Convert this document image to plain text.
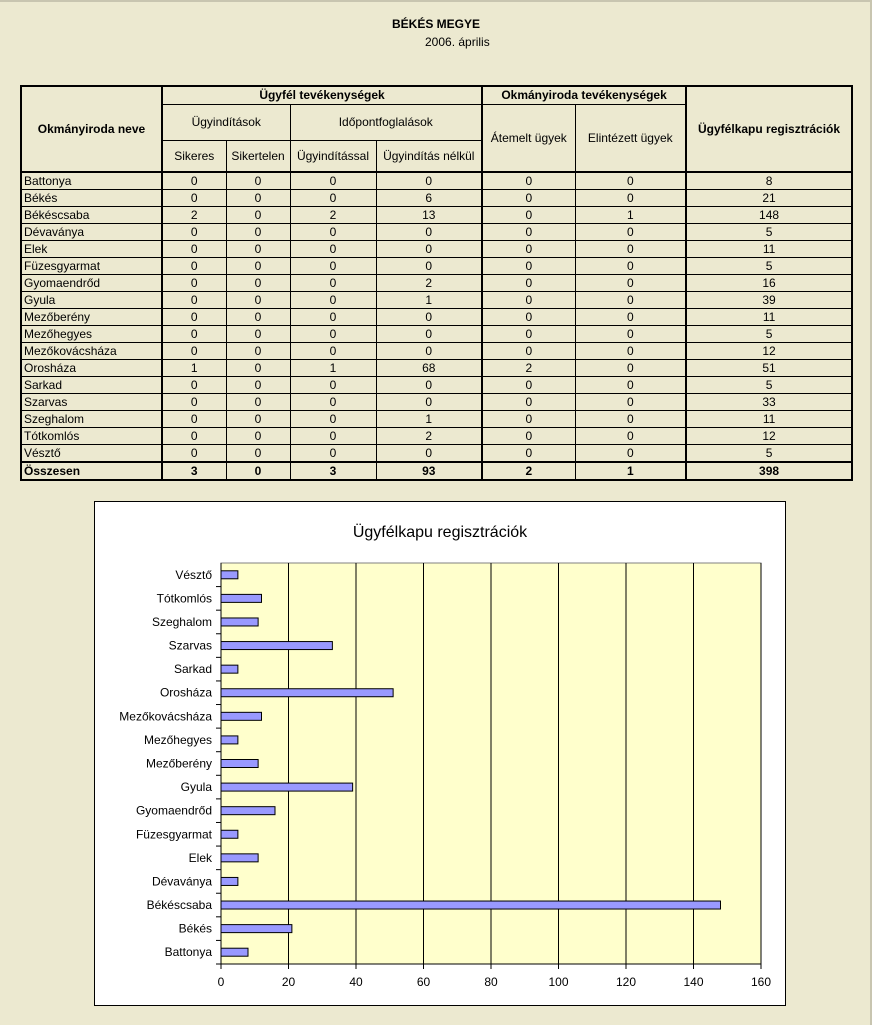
BÉKÉS MEGYE
2006. április
Okmányiroda neve	Ügyfél tevékenységek				Okmányiroda tevékenységek		Ügyfélkapu regisztrációk
	Ügyindítások		Időpontfoglalások		Átemelt ügyek	Elintézett ügyek	
	Sikeres	Sikertelen	Ügyindítással	Ügyindítás nélkül			
Battonya	0	0	0	0	0	0	8
Békés	0	0	0	6	0	0	21
Békéscsaba	2	0	2	13	0	1	148
Dévaványa	0	0	0	0	0	0	5
Elek	0	0	0	0	0	0	11
Füzesgyarmat	0	0	0	0	0	0	5
Gyomaendrőd	0	0	0	2	0	0	16
Gyula	0	0	0	1	0	0	39
Mezőberény	0	0	0	0	0	0	11
Mezőhegyes	0	0	0	0	0	0	5
Mezőkovácsháza	0	0	0	0	0	0	12
Orosháza	1	0	1	68	2	0	51
Sarkad	0	0	0	0	0	0	5
Szarvas	0	0	0	0	0	0	33
Szeghalom	0	0	0	1	0	0	11
Tótkomlós	0	0	0	2	0	0	12
Vésztő	0	0	0	0	0	0	5
Összesen	3	0	3	93	2	1	398
Ügyfélkapu regisztrációk
0	20	40	60	80	100	120	140	160
Battonya
Békés
Békéscsaba
Dévaványa
Elek
Füzesgyarmat
Gyomaendrőd
Gyula
Mezőberény
Mezőhegyes
Mezőkovácsháza
Orosháza
Sarkad
Szarvas
Szeghalom
Tótkomlós
Vésztő
